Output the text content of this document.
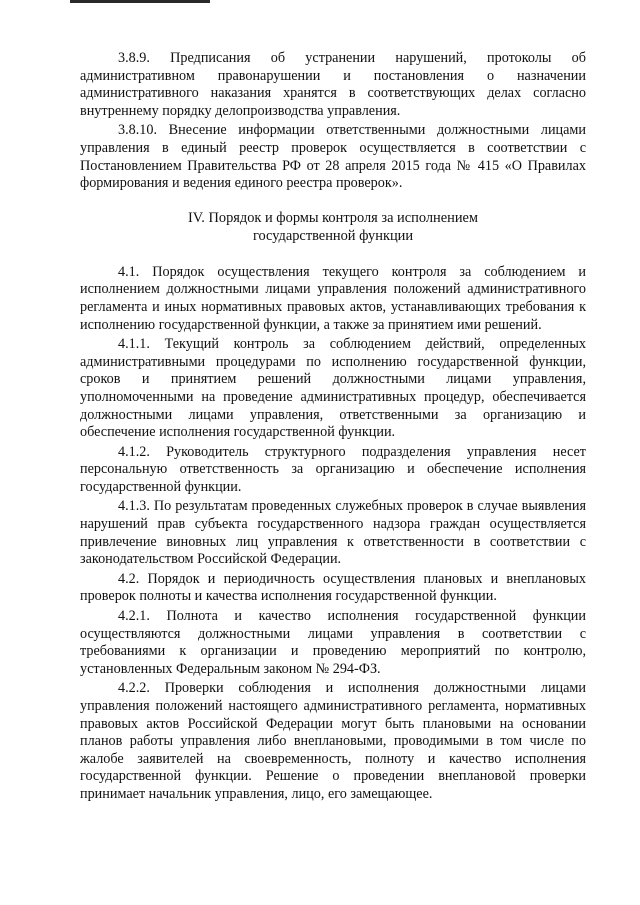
3.8.9. Предписания об устранении нарушений, протоколы об административном правонарушении и постановления о назначении административного наказания хранятся в соответствующих делах согласно внутреннему порядку делопроизводства управления.

3.8.10. Внесение информации ответственными должностными лицами управления в единый реестр проверок осуществляется в соответствии с Постановлением Правительства РФ от 28 апреля 2015 года № 415 «О Правилах формирования и ведения единого реестра проверок».

IV. Порядок и формы контроля за исполнением
государственной функции

4.1. Порядок осуществления текущего контроля за соблюдением и исполнением должностными лицами управления положений административного регламента и иных нормативных правовых актов, устанавливающих требования к исполнению государственной функции, а также за принятием ими решений.

4.1.1. Текущий контроль за соблюдением действий, определенных административными процедурами по исполнению государственной функции, сроков и принятием решений должностными лицами управления, уполномоченными на проведение административных процедур, обеспечивается должностными лицами управления, ответственными за организацию и обеспечение исполнения государственной функции.

4.1.2. Руководитель структурного подразделения управления несет персональную ответственность за организацию и обеспечение исполнения государственной функции.

4.1.3. По результатам проведенных служебных проверок в случае выявления нарушений прав субъекта государственного надзора граждан осуществляется привлечение виновных лиц управления к ответственности в соответствии с законодательством Российской Федерации.

4.2. Порядок и периодичность осуществления плановых и внеплановых проверок полноты и качества исполнения государственной функции.

4.2.1. Полнота и качество исполнения государственной функции осуществляются должностными лицами управления в соответствии с требованиями к организации и проведению мероприятий по контролю, установленных Федеральным законом № 294-ФЗ.

4.2.2. Проверки соблюдения и исполнения должностными лицами управления положений настоящего административного регламента, нормативных правовых актов Российской Федерации могут быть плановыми на основании планов работы управления либо внеплановыми, проводимыми в том числе по жалобе заявителей на своевременность, полноту и качество исполнения государственной функции. Решение о проведении внеплановой проверки принимает начальник управления, лицо, его замещающее.
